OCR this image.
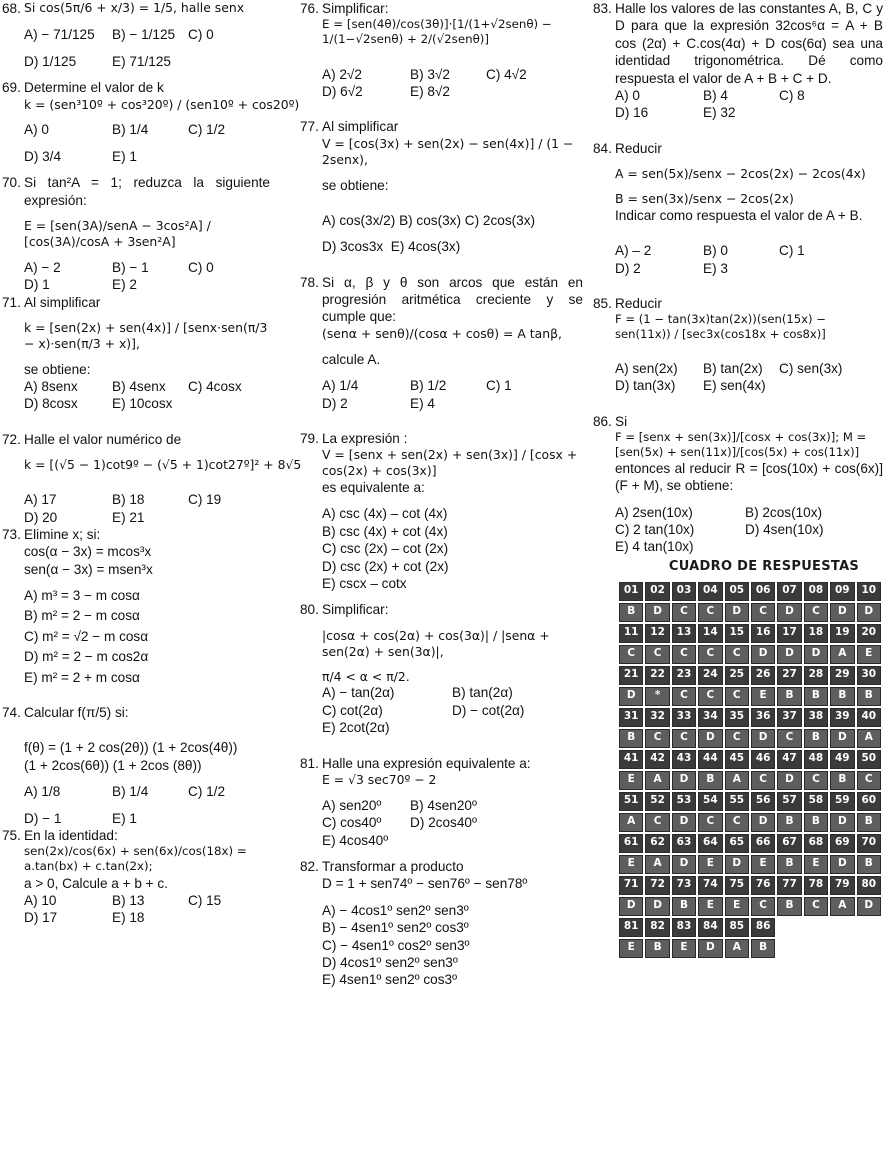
68. Si cos(5π/6 + x/3) = 1/5, halle senx
A) − 71/125	B) − 1/125 C) 0
D) 1/125	E) 71/125
69. Determine el valor de k
k = (sen³10º + cos³20º) / (sen10º + cos20º)
A) 0	B) 1/4	C) 1/2
D) 3/4	E) 1
70. Si tan²A = 1; reduzca la siguiente expresión:
E = [sen(3A)/senA − 3cos²A] / [cos(3A)/cosA + 3sen²A]
A) − 2	B) − 1	C) 0
D) 1	E) 2
71. Al simplificar
k = [sen(2x) + sen(4x)] / [senx·sen(π/3 − x)·sen(π/3 + x)],
se obtiene:
A) 8senx	B) 4senx	C) 4cosx
D) 8cosx	E) 10cosx
72. Halle el valor numérico de
k = [(√5 − 1)cot9º − (√5 + 1)cot27º]² + 8√5
A) 17	B) 18	C) 19
D) 20	E) 21
73. Elimine x; si:
cos(α − 3x) = mcos³x
sen(α − 3x) = msen³x
A) m³ = 3 − m cosα
B) m² = 2 − m cosα
C) m² = √2 − m cosα
D) m² = 2 − m cos2α
E) m² = 2 + m cosα
74. Calcular f(π/5) si:
f(θ) = (1 + 2 cos(2θ)) (1 + 2cos(4θ))
(1 + 2cos(6θ)) (1 + 2cos (8θ))
A) 1/8	B) 1/4	C) 1/2
D) − 1	E) 1
75. En la identidad:
sen(2x)/cos(6x) + sen(6x)/cos(18x) = a.tan(bx) + c.tan(2x);
a > 0, Calcule a + b + c.
A) 10	B) 13	C) 15
D) 17	E) 18
76. Simplificar:
E = [sen(4θ)/cos(3θ)]·[1/(1+√2senθ) − 1/(1−√2senθ) + 2/(√2senθ)]
A) 2√2	B) 3√2	C) 4√2
D) 6√2	E) 8√2
77. Al simplificar
V = [cos(3x) + sen(2x) − sen(4x)] / (1 − 2senx),
se obtiene:
A) cos(3x/2) B) cos(3x) C) 2cos(3x)
D) 3cos3x E) 4cos(3x)
78. Si α, β y θ son arcos que están en progresión aritmética creciente y se cumple que:
(senα + senθ)/(cosα + cosθ) = A tanβ,
calcule A.
A) 1/4	B) 1/2	C) 1
D) 2	E) 4
79. La expresión :
V = [senx + sen(2x) + sen(3x)] / [cosx + cos(2x) + cos(3x)]
es equivalente a:
A) csc (4x) – cot (4x)
B) csc (4x) + cot (4x)
C) csc (2x) – cot (2x)
D) csc (2x) + cot (2x)
E) cscx – cotx
80. Simplificar:
|cosα + cos(2α) + cos(3α)| / |senα + sen(2α) + sen(3α)|,
π/4 < α < π/2.
A) − tan(2α)	B) tan(2α)
C) cot(2α)	D) − cot(2α)
E) 2cot(2α)
81. Halle una expresión equivalente a:
E = √3 sec70º − 2
A) sen20º	B) 4sen20º
C) cos40º	D) 2cos40º
E) 4cos40º
82. Transformar a producto
D = 1 + sen74º − sen76º − sen78º
A) − 4cos1º sen2º sen3º
B) − 4sen1º sen2º cos3º
C) − 4sen1º cos2º sen3º
D) 4cos1º sen2º sen3º
E) 4sen1º sen2º cos3º
83. Halle los valores de las constantes A, B, C y D para que la expresión 32cos⁶α = A + B cos (2α) + C.cos(4α) + D cos(6α) sea una identidad trigonométrica. Dé como respuesta el valor de A + B + C + D.
A) 0	B) 4	C) 8
D) 16	E) 32
84. Reducir
A = sen(5x)/senx − 2cos(2x) − 2cos(4x)
B = sen(3x)/senx − 2cos(2x)
Indicar como respuesta el valor de A + B.
A) – 2	B) 0	C) 1
D) 2	E) 3
85. Reducir
F = (1 − tan(3x)tan(2x))(sen(15x) − sen(11x)) / [sec3x(cos18x + cos8x)]
A) sen(2x)	B) tan(2x)	C) sen(3x)
D) tan(3x)	E) sen(4x)
86. Si
F = [senx + sen(3x)]/[cosx + cos(3x)]; M = [sen(5x) + sen(11x)]/[cos(5x) + cos(11x)]
entonces al reducir R = [cos(10x) + cos(6x)](F + M), se obtiene:
A) 2sen(10x)	B) 2cos(10x)
C) 2 tan(10x)	D) 4sen(10x)
E) 4 tan(10x)
CUADRO DE RESPUESTAS
01	02	03	04	05	06	07	08	09	10
B	D	C	C	D	C	D	C	D	D
11	12	13	14	15	16	17	18	19	20
C	C	C	C	C	D	D	D	A	E
21	22	23	24	25	26	27	28	29	30
D	*	C	C	C	E	B	B	B	B
31	32	33	34	35	36	37	38	39	40
B	C	C	D	C	D	C	B	D	A
41	42	43	44	45	46	47	48	49	50
E	A	D	B	A	C	D	C	B	C
51	52	53	54	55	56	57	58	59	60
A	C	D	C	C	D	B	B	D	B
61	62	63	64	65	66	67	68	69	70
E	A	D	E	D	E	B	E	D	B
71	72	73	74	75	76	77	78	79	80
D	D	B	E	E	C	B	C	A	D
81	82	83	84	85	86				
E	B	E	D	A	B				
